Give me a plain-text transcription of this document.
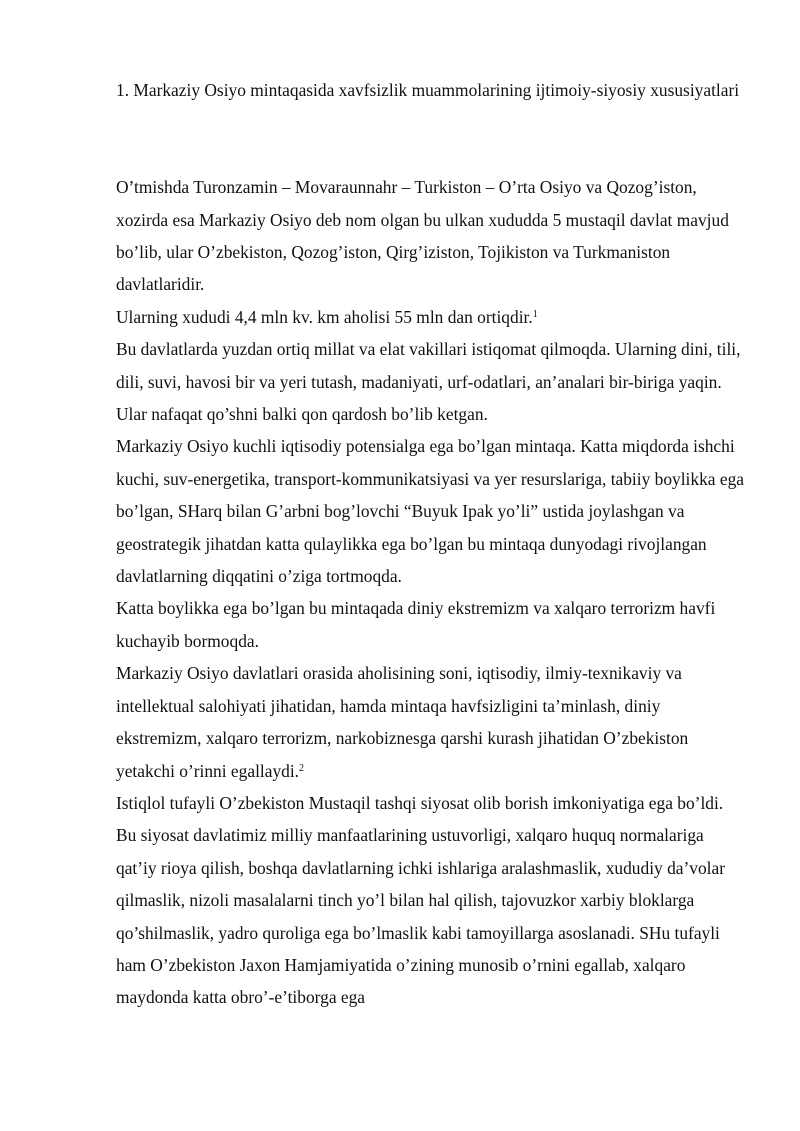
1. Markaziy Osiyo mintaqasida xavfsizlik muammolarining ijtimoiy-siyosiy xususiyatlari

O’tmishda Turonzamin – Movaraunnahr – Turkiston – O’rta Osiyo va Qozog’iston, xozirda esa Markaziy Osiyo deb nom olgan bu ulkan xududda 5 mustaqil davlat mavjud bo’lib, ular O’zbekiston, Qozog’iston, Qirg’iziston, Tojikiston va Turkmaniston davlatlaridir.

Ularning xududi 4,4 mln kv. km aholisi 55 mln dan ortiqdir.$^1$

Bu davlatlarda yuzdan ortiq millat va elat vakillari istiqomat qilmoqda. Ularning dini, tili, dili, suvi, havosi bir va yeri tutash, madaniyati, urf-odatlari, an’analari bir-biriga yaqin. Ular nafaqat qo’shni balki qon qardosh bo’lib ketgan.

Markaziy Osiyo kuchli iqtisodiy potensialga ega bo’lgan mintaqa. Katta miqdorda ishchi kuchi, suv-energetika, transport-kommunikatsiyasi va yer resurslariga, tabiiy boylikka ega bo’lgan, SHarq bilan G’arbni bog’lovchi “Buyuk Ipak yo’li” ustida joylashgan va geostrategik jihatdan katta qulaylikka ega bo’lgan bu mintaqa dunyodagi rivojlangan davlatlarning diqqatini o’ziga tortmoqda.

Katta boylikka ega bo’lgan bu mintaqada diniy ekstremizm va xalqaro terrorizm havfi kuchayib bormoqda.

Markaziy Osiyo davlatlari orasida aholisining soni, iqtisodiy, ilmiy-texnikaviy va intellektual salohiyati jihatidan, hamda mintaqa havfsizligini ta’minlash, diniy ekstremizm, xalqaro terrorizm, narkobiznesga qarshi kurash jihatidan O’zbekiston yetakchi o’rinni egallaydi.$^2$

Istiqlol tufayli O’zbekiston Mustaqil tashqi siyosat olib borish imkoniyatiga ega bo’ldi. Bu siyosat davlatimiz milliy manfaatlarining ustuvorligi, xalqaro huquq normalariga qat’iy rioya qilish, boshqa davlatlarning ichki ishlariga aralashmaslik, xududiy da’volar qilmaslik, nizoli masalalarni tinch yo’l bilan hal qilish, tajovuzkor xarbiy bloklarga qo’shilmaslik, yadro quroliga ega bo’lmaslik kabi tamoyillarga asoslanadi. SHu tufayli ham O’zbekiston Jaxon Hamjamiyatida o’zining munosib o’rnini egallab, xalqaro maydonda katta obro’-e’tiborga ega
